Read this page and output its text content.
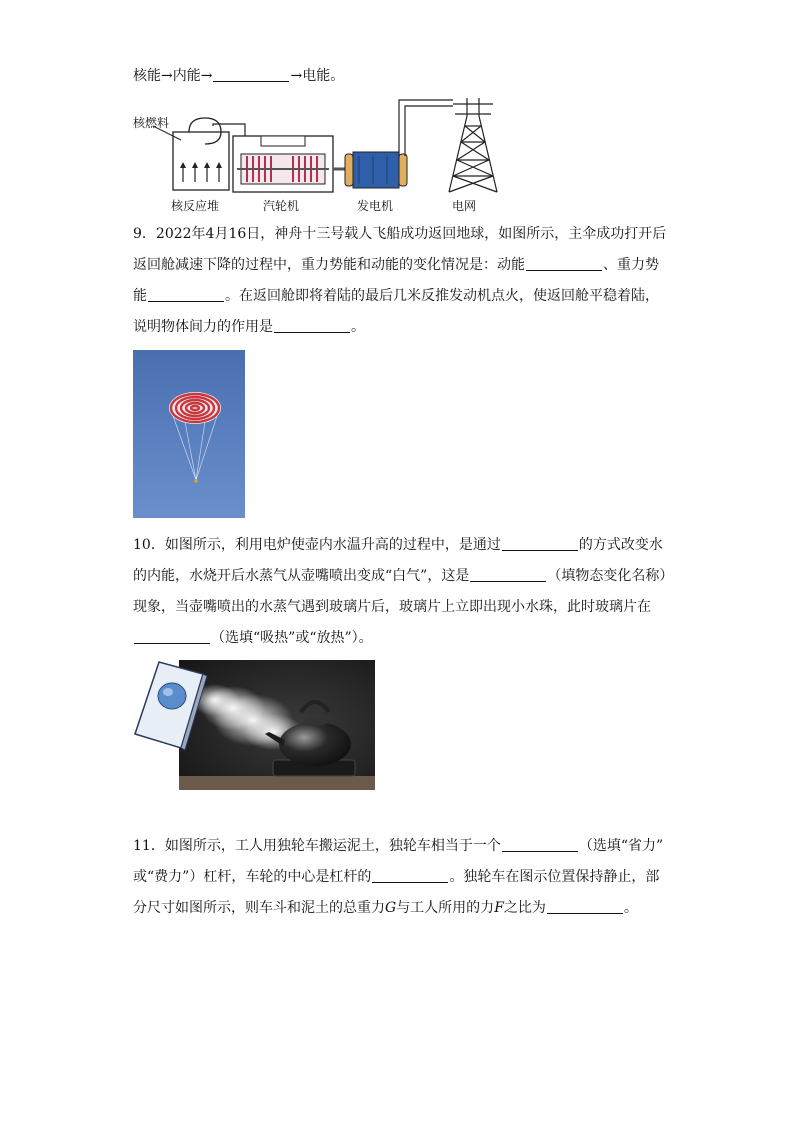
核能→内能→	→电能。
核燃料
核反应堆	汽轮机	发电机	电网
9．2022年4月16日，神舟十三号载人飞船成功返回地球，如图所示，主伞成功打开后
返回舱减速下降的过程中，重力势能和动能的变化情况是：动能	、重力势
能	。在返回舱即将着陆的最后几米反推发动机点火，使返回舱平稳着陆，
说明物体间力的作用是	。
10．如图所示，利用电炉使壶内水温升高的过程中，是通过	的方式改变水
的内能，水烧开后水蒸气从壶嘴喷出变成“白气”，这是	（填物态变化名称）
现象，当壶嘴喷出的水蒸气遇到玻璃片后，玻璃片上立即出现小水珠，此时玻璃片在
（选填“吸热”或“放热”）。
11．如图所示，工人用独轮车搬运泥土，独轮车相当于一个	（选填“省力”
或“费力”）杠杆，车轮的中心是杠杆的	。独轮车在图示位置保持静止，部
分尺寸如图所示，则车斗和泥土的总重力G与工人所用的力F之比为	。
